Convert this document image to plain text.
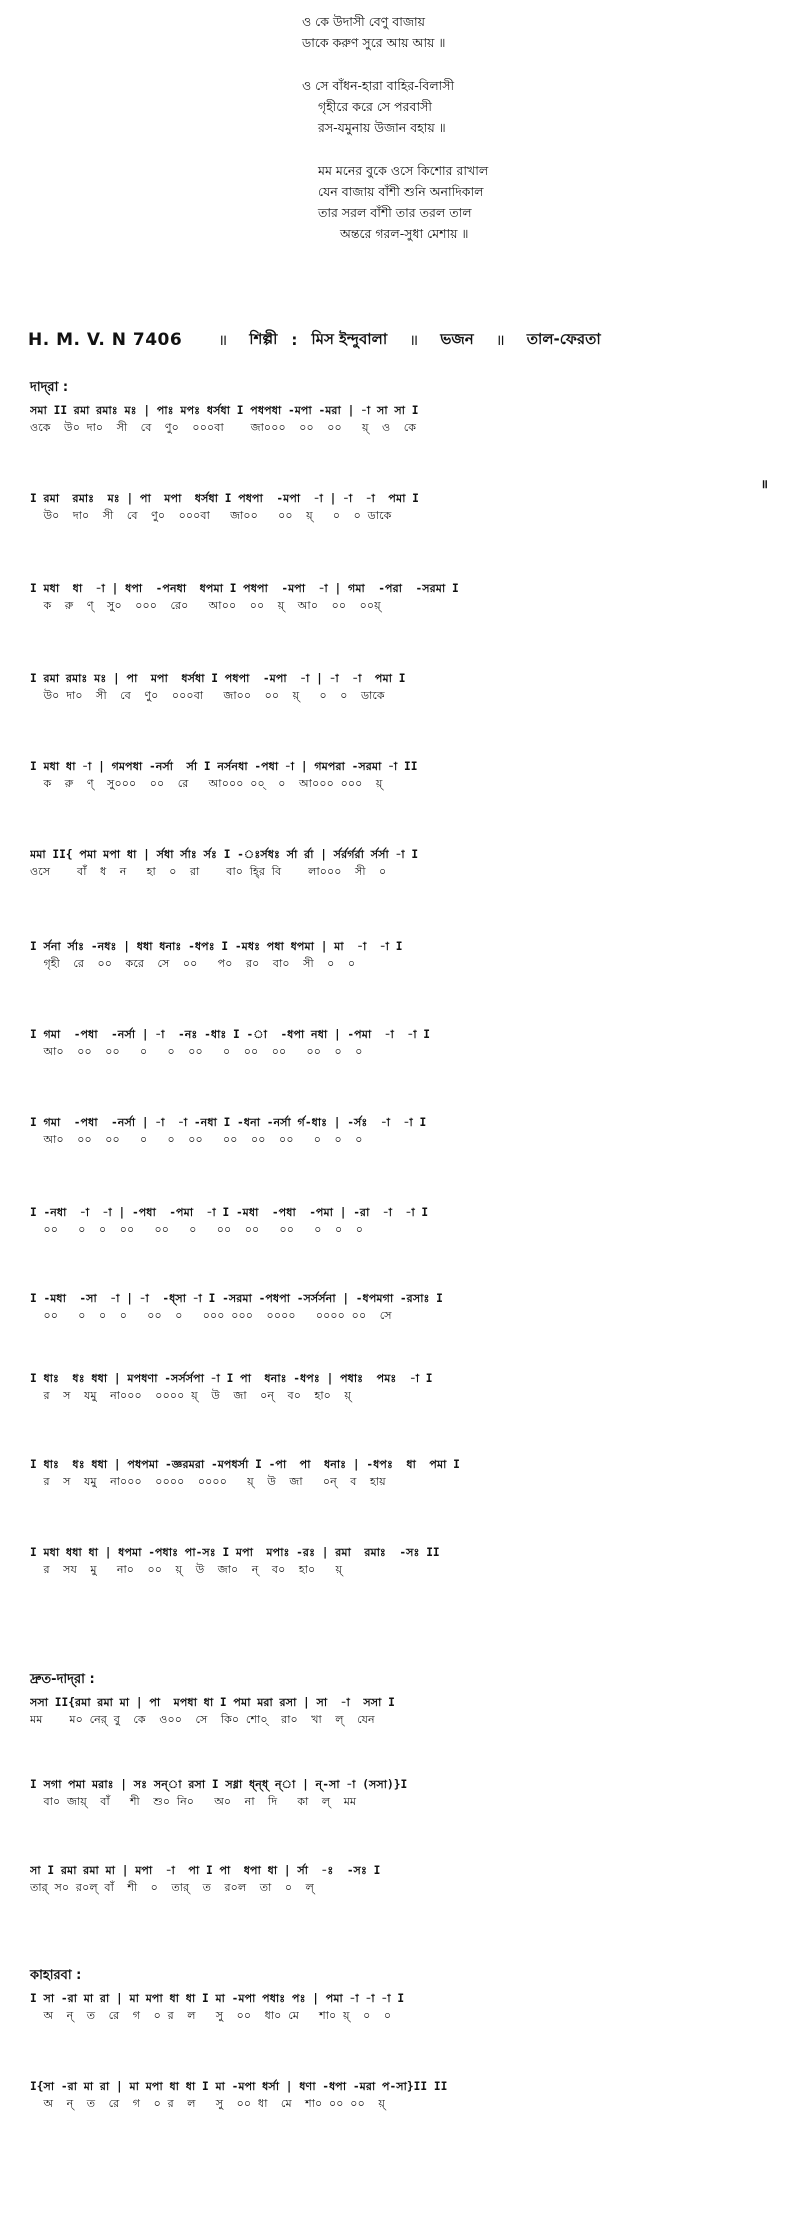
ও কে উদাসী বেণু বাজায়
ডাকে করুণ সুরে আয় আয় ॥
ও সে বাঁধন-হারা বাহির-বিলাসী
গৃহীরে করে সে পরবাসী
রস-যমুনায় উজান বহায় ॥
মম মনের বুকে ওসে কিশোর রাখাল
যেন বাজায় বাঁশী শুনি অনাদিকাল
তার সরল বাঁশী তার তরল তাল
অন্তরে গরল-সুধা মেশায় ॥
H. M. V. N 7406 ॥ শিল্পী : মিস ইন্দুবালা ॥ ভজন ॥ তাল-ফেরতা
দাদ্‌রা :
দ্রুত-দাদ্‌রা :
কাহারবা :
সমা II রমা রমাঃ মঃ | পাঃ মপঃ ধর্সধা I পধপধা -মপা -মরা | -া সা সা I
ওকে  উ০ দা০  সী  বে  ণু০  ০০০বা    জা০০০  ০০  ০০   য়্  ও  কে
I রমা  রমাঃ  মঃ | পা  মপা  ধর্সধা I পধপা  -মপা  -া | -া  -া  পমা I
উ০  দা০  সী  বে  ণু০  ০০০বা   জা০০   ০০  য়্   ০  ০ ডাকে
॥
I মধা  ধা  -া | ধপা  -পনধা  ধপমা I পধপা  -মপা  -া | গমা  -পরা  -সরমা I
ক  রু  ণ্  সু০  ০০০  রে০   আ০০  ০০  য়্  আ০  ০০  ০০য়্
I রমা রমাঃ মঃ | পা  মপা  ধর্সধা I পধপা  -মপা  -া | -া  -া  পমা I
উ০ দা০  সী  বে  ণু০  ০০০বা   জা০০  ০০  য়্   ০  ০  ডাকে
I মধা ধা -া | গমপধা -নর্সা  র্সা I নর্সনধা -পধা -া | গমপরা -সরমা -া II
ক  রু  ণ্  সু০০০  ০০  রে   আ০০০ ০০্  ০  আ০০০ ০০০  য়্
মমা II{ পমা মপা ধা | র্সধা র্সাঃ র্সঃ I -ঃর্সধঃ র্সা র্রা | র্সর্রর্গর্রা র্সর্সা -া I
ওসে    বাঁ  ধ  ন   হা  ০  রা    বা০ হি্র বি    লা০০০  সী  ০
I র্সনা র্সাঃ -নধঃ | ধধা ধনাঃ -ধপঃ I -মধঃ পধা ধপমা | মা  -া  -া I
গৃহী  রে  ০০  করে  সে  ০০   প০  র০  বা০  সী  ০  ০
I গমা  -পধা  -নর্সা | -া  -নঃ -ধাঃ I -া  -ধপা নধা | -পমা  -া  -া I
আ০  ০০  ০০   ০   ০  ০০   ০  ০০  ০০   ০০  ০  ০
I গমা  -পধা  -নর্সা | -া  -া -নধা I -ধনা -নর্সা র্গ-ধাঃ | -র্সঃ  -া  -া I
আ০  ০০  ০০   ০   ০  ০০   ০০  ০০  ০০   ০  ০  ০
I -নধা  -া  -া | -পধা  -পমা  -া I -মধা  -পধা  -পমা | -রা  -া  -া I
০০   ০  ০  ০০   ০০   ০   ০০  ০০   ০০   ০  ০  ০
I -মধা  -সা  -া | -া  -ধ্সা -া I -সরমা -পধপা -সর্সর্সনা | -ধপমগা -রসাঃ I
০০   ০  ০  ০   ০০  ০   ০০০ ০০০  ০০০০   ০০০০ ০০  সে
I ধাঃ  ধঃ ধধা | মপধণা -সর্সর্সপা -া I পা  ধনাঃ -ধপঃ | পধাঃ  পমঃ  -া I
র  স  যমু  না০০০  ০০০০ য়্  উ  জা  ০ন্  ব০  হা০  য়্
I ধাঃ  ধঃ ধধা | পধপমা -জ্ঞরমরা -মপধর্সা I -পা  পা  ধনাঃ | -ধপঃ  ধা  পমা I
র  স  যমু  না০০০  ০০০০  ০০০০   য়্  উ  জা   ০ন্  ব  হায়
I মধা ধধা ধা | ধপমা -পধাঃ পা-সঃ I মপা  মপাঃ -রঃ | রমা  রমাঃ  -সঃ II
র  সয  মু   না০  ০০  য়্  উ  জা০  ন্  ব০  হা০   য়্
সসা II{রমা রমা মা | পা  মপধা ধা I পমা মরা রসা | সা  -া  সসা I
মম    ম০ নের্ বু  কে  ও০০  সে  কি০ শো০্  রা০  খা  ল্  যেন
I সগা পমা মরাঃ | সঃ সন্‌া রসা I সধ্না ধ্ন্‌ধ্ ন্‌া | ন্‌-সা -া (সসা)}I
বা০ জায়্  বাঁ   শী  শু০ নি০   অ০  না  দি   কা  ল্  মম
সা I রমা রমা মা | মপা  -া  পা I পা  ধপা ধা | র্সা  -ঃ  -সঃ I
তার্ স০ র০ল্ বাঁ  শী  ০  তার্  ত  র০ল  তা  ০  ল্
I সা -রা মা রা | মা মপা ধা ধা I মা -মপা পধাঃ পঃ | পমা -া -া -া I
অ  ন্  ত  রে  গ  ০ র  ল   সু  ০০  ধা০ মে   শা০ য়্  ০  ০
I{সা -রা মা রা | মা মপা ধা ধা I মা -মপা ধর্সা | ধণা -ধপা -মরা প-সা}II II
অ  ন্  ত  রে  গ  ০ র  ল   সু  ০০ ধা  মে  শা০ ০০ ০০  য়্
